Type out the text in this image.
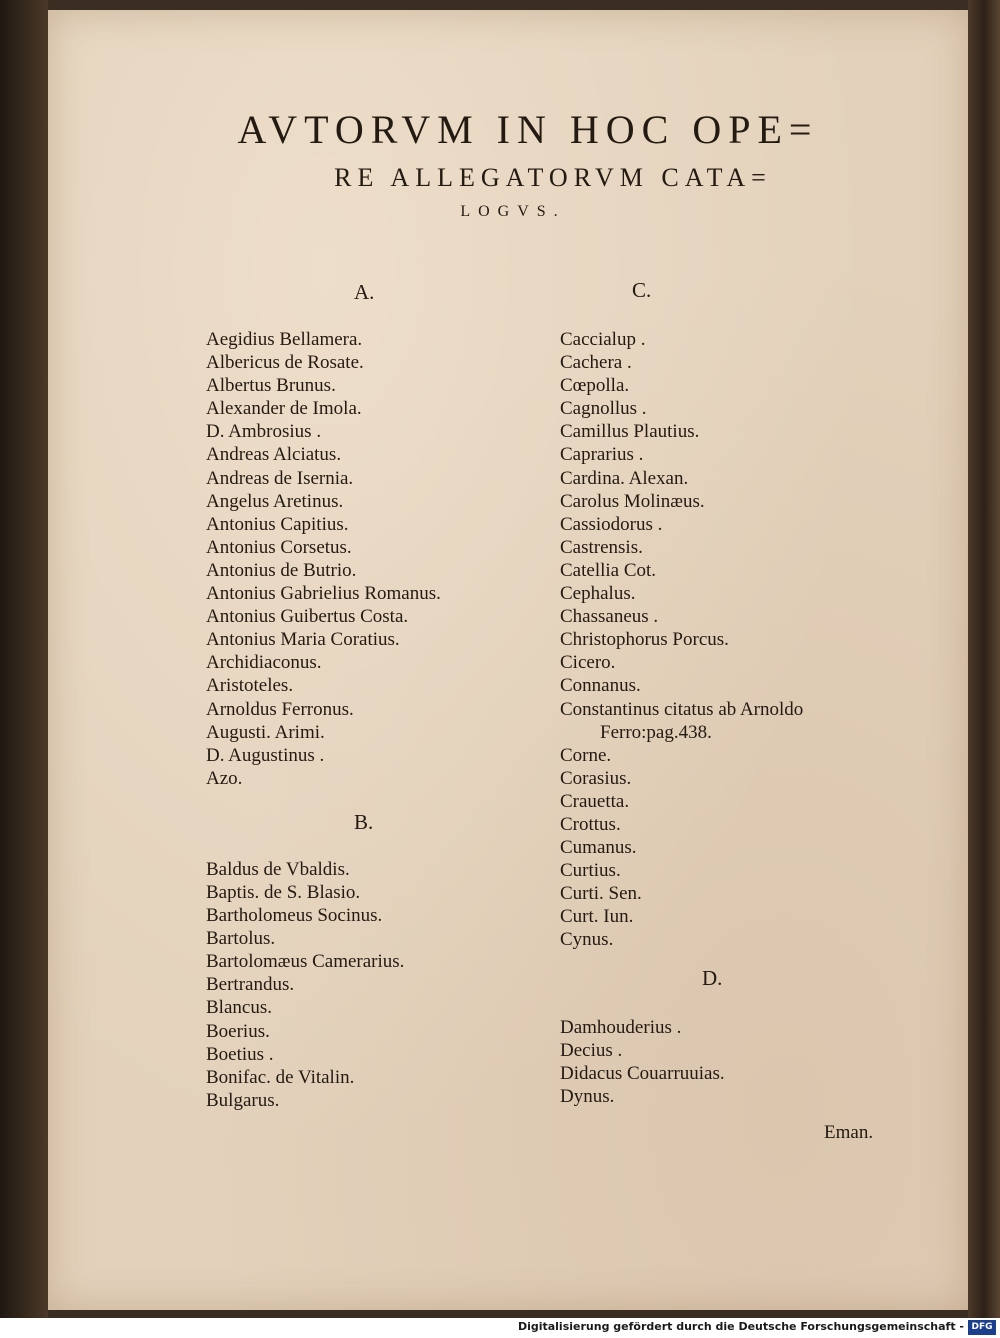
AVTORVM IN HOC OPE=
RE ALLEGATORVM CATA=
LOGVS.
A.
Aegidius Bellamera.
Albericus de Rosate.
Albertus Brunus.
Alexander de Imola.
D. Ambrosius .
Andreas Alciatus.
Andreas de Isernia.
Angelus Aretinus.
Antonius Capitius.
Antonius Corsetus.
Antonius de Butrio.
Antonius Gabrielius Romanus.
Antonius Guibertus Costa.
Antonius Maria Coratius.
Archidiaconus.
Aristoteles.
Arnoldus Ferronus.
Augusti. Arimi.
D. Augustinus .
Azo.
B.
Baldus de Vbaldis.
Baptis. de S. Blasio.
Bartholomeus Socinus.
Bartolus.
Bartolomæus Camerarius.
Bertrandus.
Blancus.
Boerius.
Boetius .
Bonifac. de Vitalin.
Bulgarus.
C.
Caccialup .
Cachera .
Cœpolla.
Cagnollus .
Camillus Plautius.
Caprarius .
Cardina. Alexan.
Carolus Molinæus.
Cassiodorus .
Castrensis.
Catellia Cot.
Cephalus.
Chassaneus .
Christophorus Porcus.
Cicero.
Connanus.
Constantinus citatus ab Arnoldo
Ferro:pag.438.
Corne.
Corasius.
Crauetta.
Crottus.
Cumanus.
Curtius.
Curti. Sen.
Curt. Iun.
Cynus.
D.
Damhouderius .
Decius .
Didacus Couarruuias.
Dynus.
Eman.
Digitalisierung gefördert durch die Deutsche Forschungsgemeinschaft - DFG
